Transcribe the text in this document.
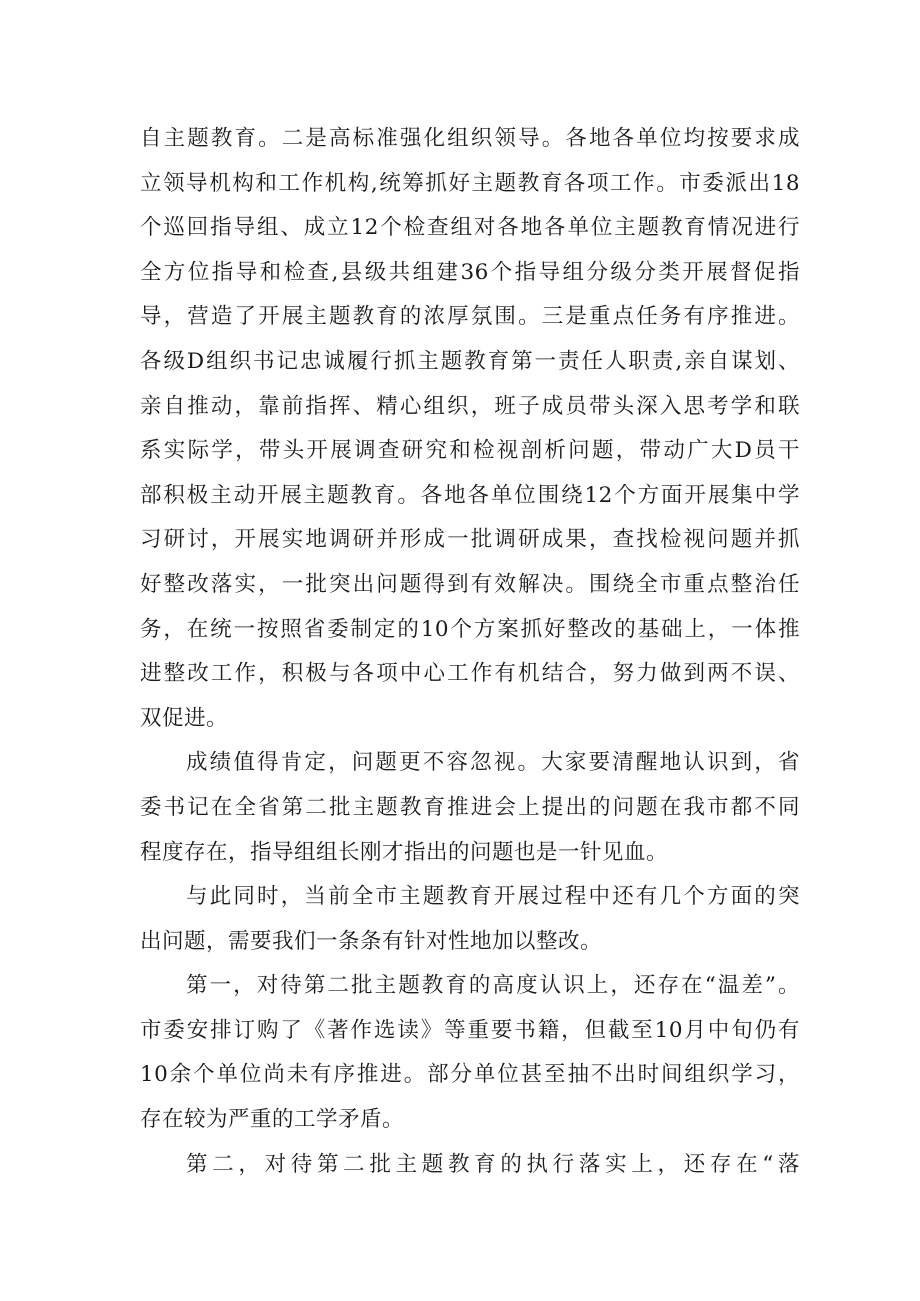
自主题教育。二是高标准强化组织领导。各地各单位均按要求成
立领导机构和工作机构,统筹抓好主题教育各项工作。市委派出18
个巡回指导组、成立12个检查组对各地各单位主题教育情况进行
全方位指导和检查,县级共组建36个指导组分级分类开展督促指
导，营造了开展主题教育的浓厚氛围。三是重点任务有序推进。
各级D组织书记忠诚履行抓主题教育第一责任人职责,亲自谋划、
亲自推动，靠前指挥、精心组织，班子成员带头深入思考学和联
系实际学，带头开展调查研究和检视剖析问题，带动广大D员干
部积极主动开展主题教育。各地各单位围绕12个方面开展集中学
习研讨，开展实地调研并形成一批调研成果，查找检视问题并抓
好整改落实，一批突出问题得到有效解决。围绕全市重点整治任
务，在统一按照省委制定的10个方案抓好整改的基础上，一体推
进整改工作，积极与各项中心工作有机结合，努力做到两不误、
双促进。
成绩值得肯定，问题更不容忽视。大家要清醒地认识到，省
委书记在全省第二批主题教育推进会上提出的问题在我市都不同
程度存在，指导组组长刚才指出的问题也是一针见血。
与此同时，当前全市主题教育开展过程中还有几个方面的突
出问题，需要我们一条条有针对性地加以整改。
第一，对待第二批主题教育的高度认识上，还存在“温差”。
市委安排订购了《著作选读》等重要书籍，但截至10月中旬仍有
10余个单位尚未有序推进。部分单位甚至抽不出时间组织学习，
存在较为严重的工学矛盾。
第二，对待第二批主题教育的执行落实上，还存在“落
